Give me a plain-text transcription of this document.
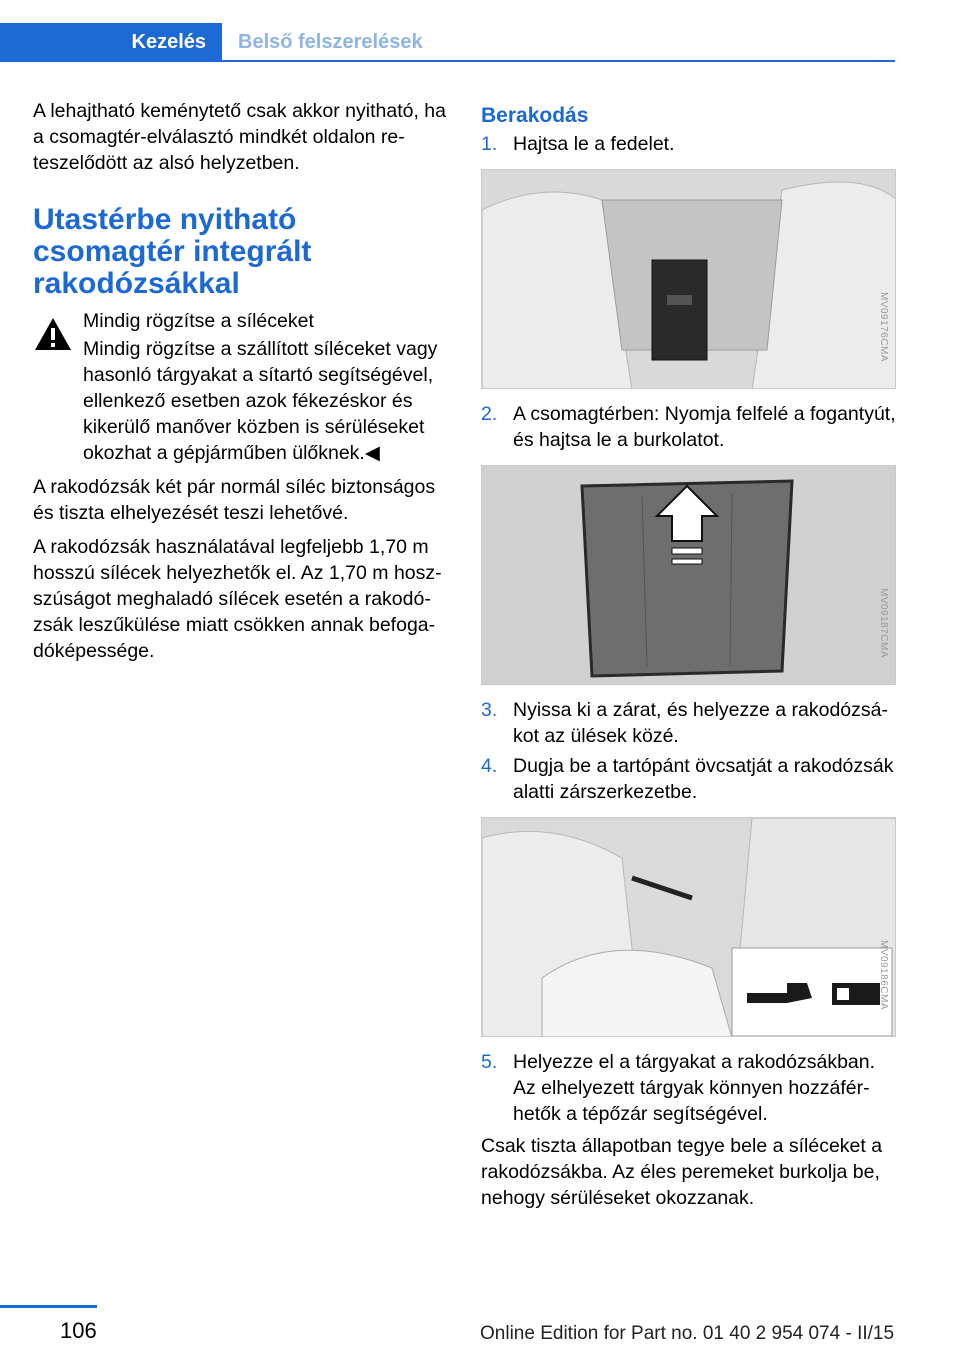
Kezelés	Belső felszerelések

A lehajtható keménytető csak akkor nyitható, ha a csomagtér-elválasztó mindkét oldalon reteszelődött az alsó helyzetben.

Utastérbe nyitható csomagtér integrált rakodózsákkal
Mindig rögzítse a síléceket
Mindig rögzítse a szállított síléceket vagy hasonló tárgyakat a sítartó segítségével, ellenkező esetben azok fékezéskor és kikerülő manőver közben is sérüléseket okozhat a gépjárműben ülőknek.◀

A rakodózsák két pár normál síléc biztonságos és tiszta elhelyezését teszi lehetővé.

A rakodózsák használatával legfeljebb 1,70 m hosszú sílécek helyezhetők el. Az 1,70 m hoszszúságot meghaladó sílécek esetén a rakodózsák leszűkülése miatt csökken annak befogadóképessége.

Berakodás
1. Hajtsa le a fedelet.
MV09176CMA
2. A csomagtérben: Nyomja felfelé a fogantyút, és hajtsa le a burkolatot.
MV09187CMA
3. Nyissa ki a zárat, és helyezze a rakodózsákot az ülések közé.
4. Dugja be a tartópánt övcsatját a rakodózsák alatti zárszerkezetbe.
MV09186CMA
5. Helyezze el a tárgyakat a rakodózsákban. Az elhelyezett tárgyak könnyen hozzáférhetők a tépőzár segítségével.

Csak tiszta állapotban tegye bele a síléceket a rakodózsákba. Az éles peremeket burkolja be, nehogy sérüléseket okozzanak.

106	Online Edition for Part no. 01 40 2 954 074 - II/15
